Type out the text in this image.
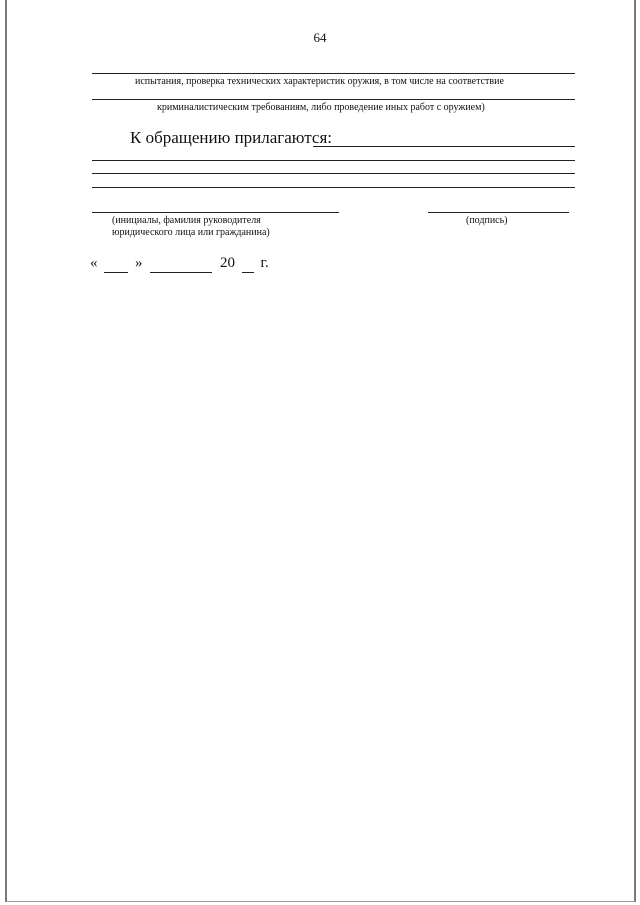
64
испытания, проверка технических характеристик оружия, в том числе на соответствие
криминалистическим требованиям, либо проведение иных работ с оружием)
К обращению прилагаются:
(инициалы, фамилия руководителя
юридического лица или гражданина)
(подпись)
«	»	20 г.
